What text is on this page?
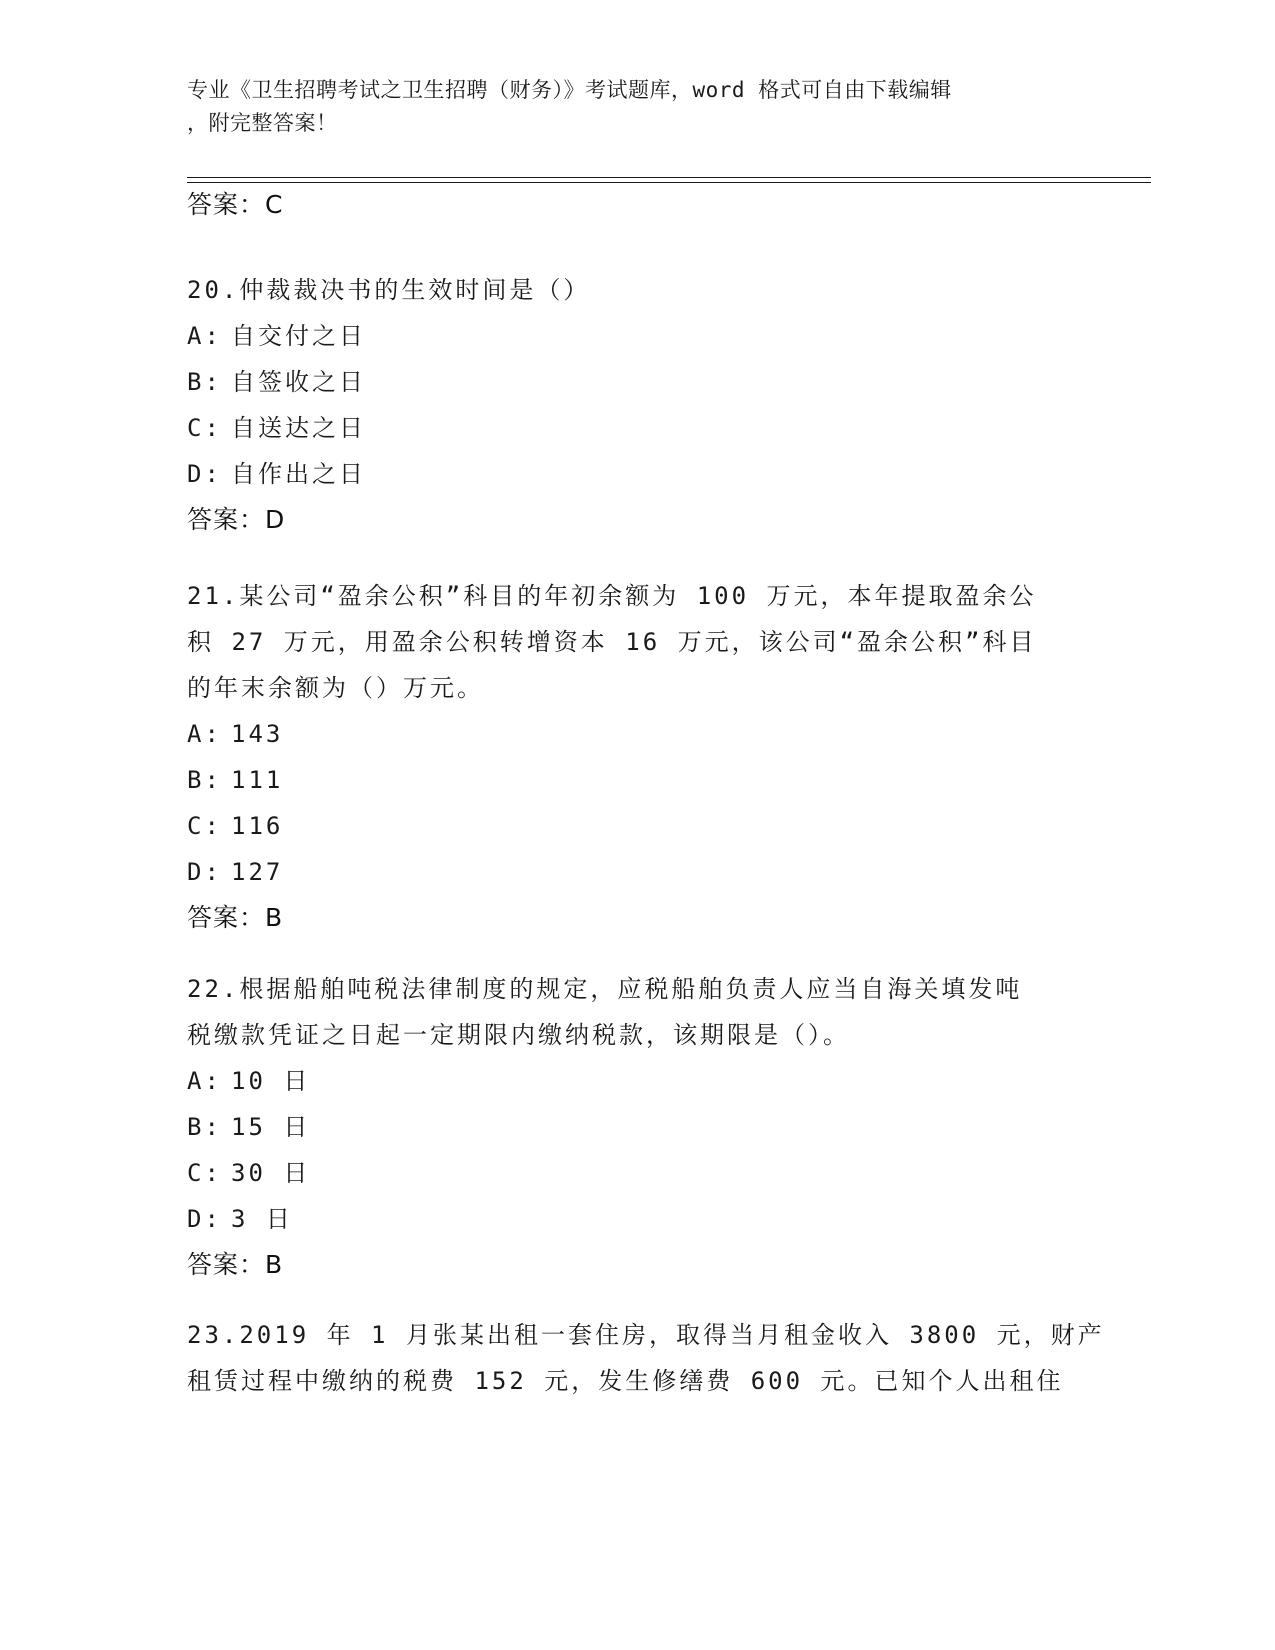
专业《卫生招聘考试之卫生招聘（财务）》考试题库，word 格式可自由下载编辑
，附完整答案！
答案：C
20.仲裁裁决书的生效时间是（）
A: 自交付之日
B: 自签收之日
C: 自送达之日
D: 自作出之日
答案：D
21.某公司“盈余公积”科目的年初余额为 100 万元，本年提取盈余公
积 27 万元，用盈余公积转增资本 16 万元，该公司“盈余公积”科目
的年末余额为（）万元。
A: 143
B: 111
C: 116
D: 127
答案：B
22.根据船舶吨税法律制度的规定，应税船舶负责人应当自海关填发吨
税缴款凭证之日起一定期限内缴纳税款，该期限是（）。
A: 10 日
B: 15 日
C: 30 日
D: 3 日
答案：B
23.2019 年 1 月张某出租一套住房，取得当月租金收入 3800 元，财产
租赁过程中缴纳的税费 152 元，发生修缮费 600 元。已知个人出租住
